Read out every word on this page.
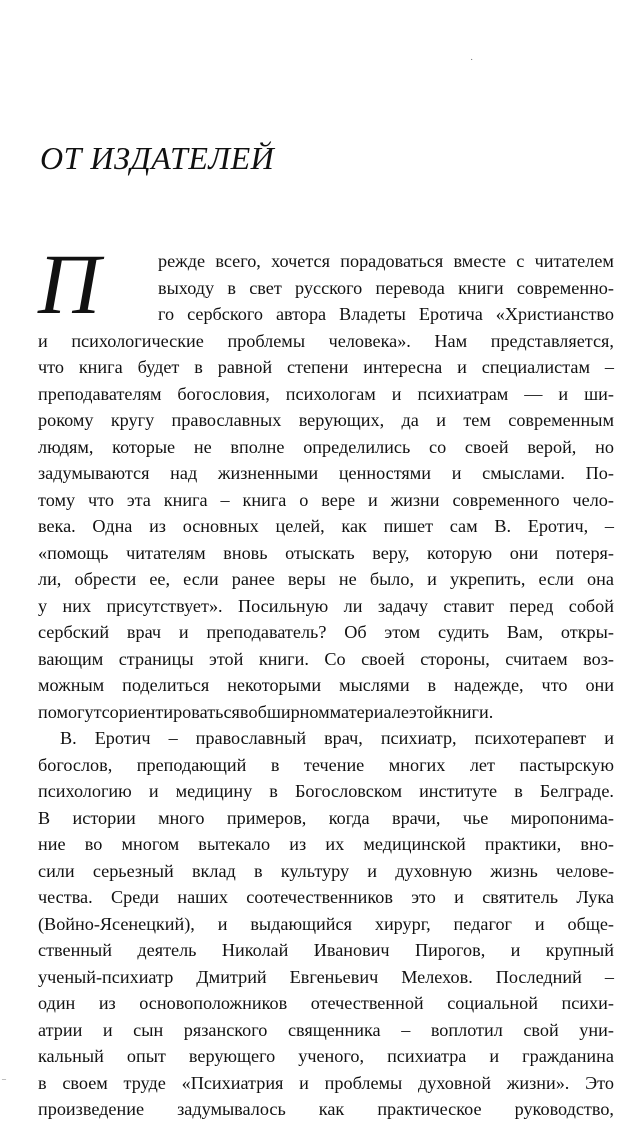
˙
ОТ ИЗДАТЕЛЕЙ
П	режде всего, хочется порадоваться вместе с читателем
выходу в свет русского перевода книги современно-
го сербского автора Владеты Еротича «Христианство
и психологические проблемы человека». Нам представляется,
что книга будет в равной степени интересна и специалистам –
преподавателям богословия, психологам и психиатрам — и ши-
рокому кругу православных верующих, да и тем современным
людям, которые не вполне определились со своей верой, но
задумываются над жизненными ценностями и смыслами. По-
тому что эта книга – книга о вере и жизни современного чело-
века. Одна из основных целей, как пишет сам В. Еротич, –
«помощь читателям вновь отыскать веру, которую они потеря-
ли, обрести ее, если ранее веры не было, и укрепить, если она
у них присутствует». Посильную ли задачу ставит перед собой
сербский врач и преподаватель? Об этом судить Вам, откры-
вающим страницы этой книги. Со своей стороны, считаем воз-
можным поделиться некоторыми мыслями в надежде, что они
помогут сориентироваться в обширном материале этой книги.
В. Еротич – православный врач, психиатр, психотерапевт и
богослов, преподающий в течение многих лет пастырскую
психологию и медицину в Богословском институте в Белграде.
В истории много примеров, когда врачи, чье миропонима-
ние во многом вытекало из их медицинской практики, вно-
сили серьезный вклад в культуру и духовную жизнь челове-
чества. Среди наших соотечественников это и святитель Лука
(Войно-Ясенецкий), и выдающийся хирург, педагог и обще-
ственный деятель Николай Иванович Пирогов, и крупный
ученый-психиатр Дмитрий Евгеньевич Мелехов. Последний –
один из основоположников отечественной социальной психи-
атрии и сын рязанского священника – воплотил свой уни-
кальный опыт верующего ученого, психиатра и гражданина
в своем труде «Психиатрия и проблемы духовной жизни». Это
произведение задумывалось как практическое руководство,
–
